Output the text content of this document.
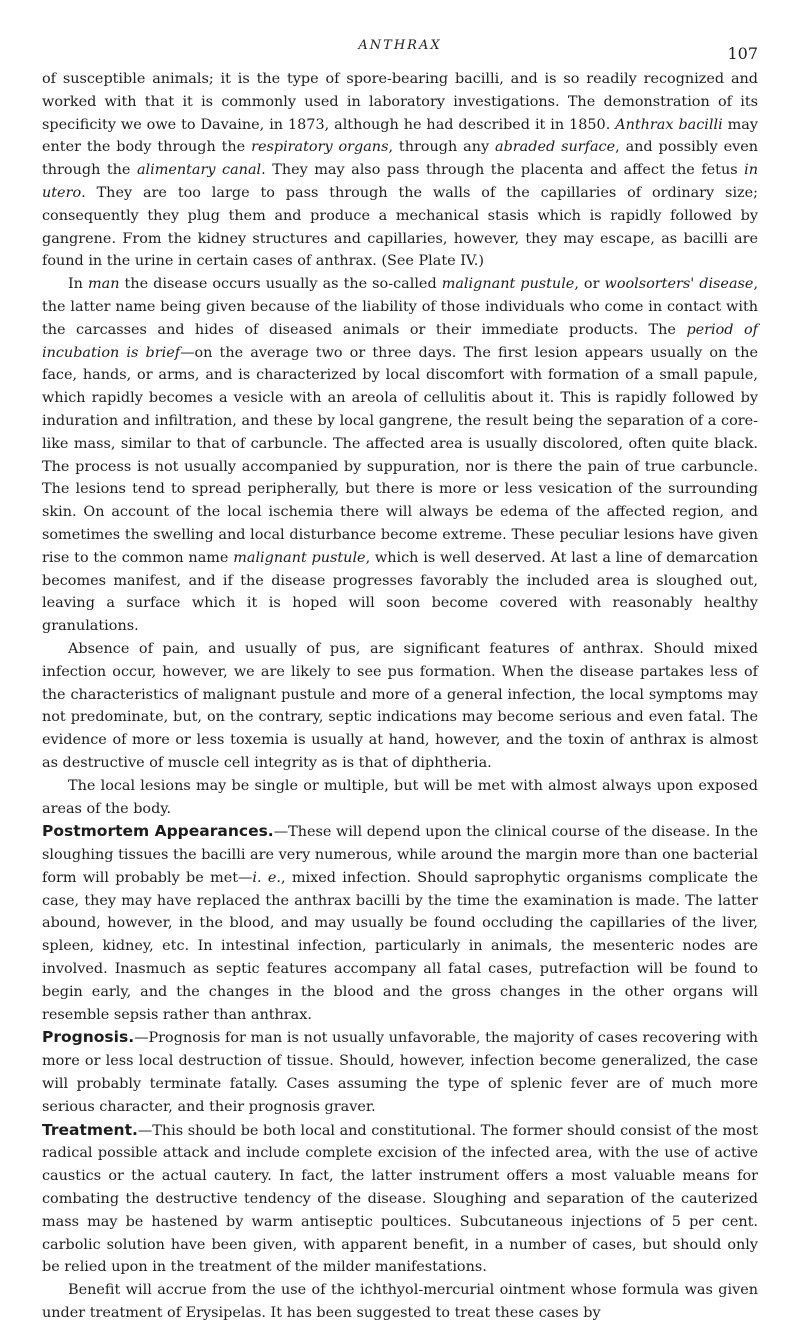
ANTHRAX	107

of susceptible animals; it is the type of spore-bearing bacilli, and is so readily recognized and worked with that it is commonly used in laboratory investigations. The demonstration of its specificity we owe to Davaine, in 1873, although he had described it in 1850. Anthrax bacilli may enter the body through the respiratory organs, through any abraded surface, and possibly even through the alimentary canal. They may also pass through the placenta and affect the fetus in utero. They are too large to pass through the walls of the capillaries of ordinary size; consequently they plug them and produce a mechanical stasis which is rapidly followed by gangrene. From the kidney structures and capillaries, however, they may escape, as bacilli are found in the urine in certain cases of anthrax. (See Plate IV.)

In man the disease occurs usually as the so-called malignant pustule, or woolsorters' disease, the latter name being given because of the liability of those individuals who come in contact with the carcasses and hides of diseased animals or their immediate products. The period of incubation is brief—on the average two or three days. The first lesion appears usually on the face, hands, or arms, and is characterized by local discomfort with formation of a small papule, which rapidly becomes a vesicle with an areola of cellulitis about it. This is rapidly followed by induration and infiltration, and these by local gangrene, the result being the separation of a core-like mass, similar to that of carbuncle. The affected area is usually discolored, often quite black. The process is not usually accompanied by suppuration, nor is there the pain of true carbuncle. The lesions tend to spread peripherally, but there is more or less vesication of the surrounding skin. On account of the local ischemia there will always be edema of the affected region, and sometimes the swelling and local disturbance become extreme. These peculiar lesions have given rise to the common name malignant pustule, which is well deserved. At last a line of demarcation becomes manifest, and if the disease progresses favorably the included area is sloughed out, leaving a surface which it is hoped will soon become covered with reasonably healthy granulations.

Absence of pain, and usually of pus, are significant features of anthrax. Should mixed infection occur, however, we are likely to see pus formation. When the disease partakes less of the characteristics of malignant pustule and more of a general infection, the local symptoms may not predominate, but, on the contrary, septic indications may become serious and even fatal. The evidence of more or less toxemia is usually at hand, however, and the toxin of anthrax is almost as destructive of muscle cell integrity as is that of diphtheria.

The local lesions may be single or multiple, but will be met with almost always upon exposed areas of the body.

Postmortem Appearances.—These will depend upon the clinical course of the disease. In the sloughing tissues the bacilli are very numerous, while around the margin more than one bacterial form will probably be met—i. e., mixed infection. Should saprophytic organisms complicate the case, they may have replaced the anthrax bacilli by the time the examination is made. The latter abound, however, in the blood, and may usually be found occluding the capillaries of the liver, spleen, kidney, etc. In intestinal infection, particularly in animals, the mesenteric nodes are involved. Inasmuch as septic features accompany all fatal cases, putrefaction will be found to begin early, and the changes in the blood and the gross changes in the other organs will resemble sepsis rather than anthrax.

Prognosis.—Prognosis for man is not usually unfavorable, the majority of cases recovering with more or less local destruction of tissue. Should, however, infection become generalized, the case will probably terminate fatally. Cases assuming the type of splenic fever are of much more serious character, and their prognosis graver.

Treatment.—This should be both local and constitutional. The former should consist of the most radical possible attack and include complete excision of the infected area, with the use of active caustics or the actual cautery. In fact, the latter instrument offers a most valuable means for combating the destructive tendency of the disease. Sloughing and separation of the cauterized mass may be hastened by warm antiseptic poultices. Subcutaneous injections of 5 per cent. carbolic solution have been given, with apparent benefit, in a number of cases, but should only be relied upon in the treatment of the milder manifestations.

Benefit will accrue from the use of the ichthyol-mercurial ointment whose formula was given under treatment of Erysipelas. It has been suggested to treat these cases by
